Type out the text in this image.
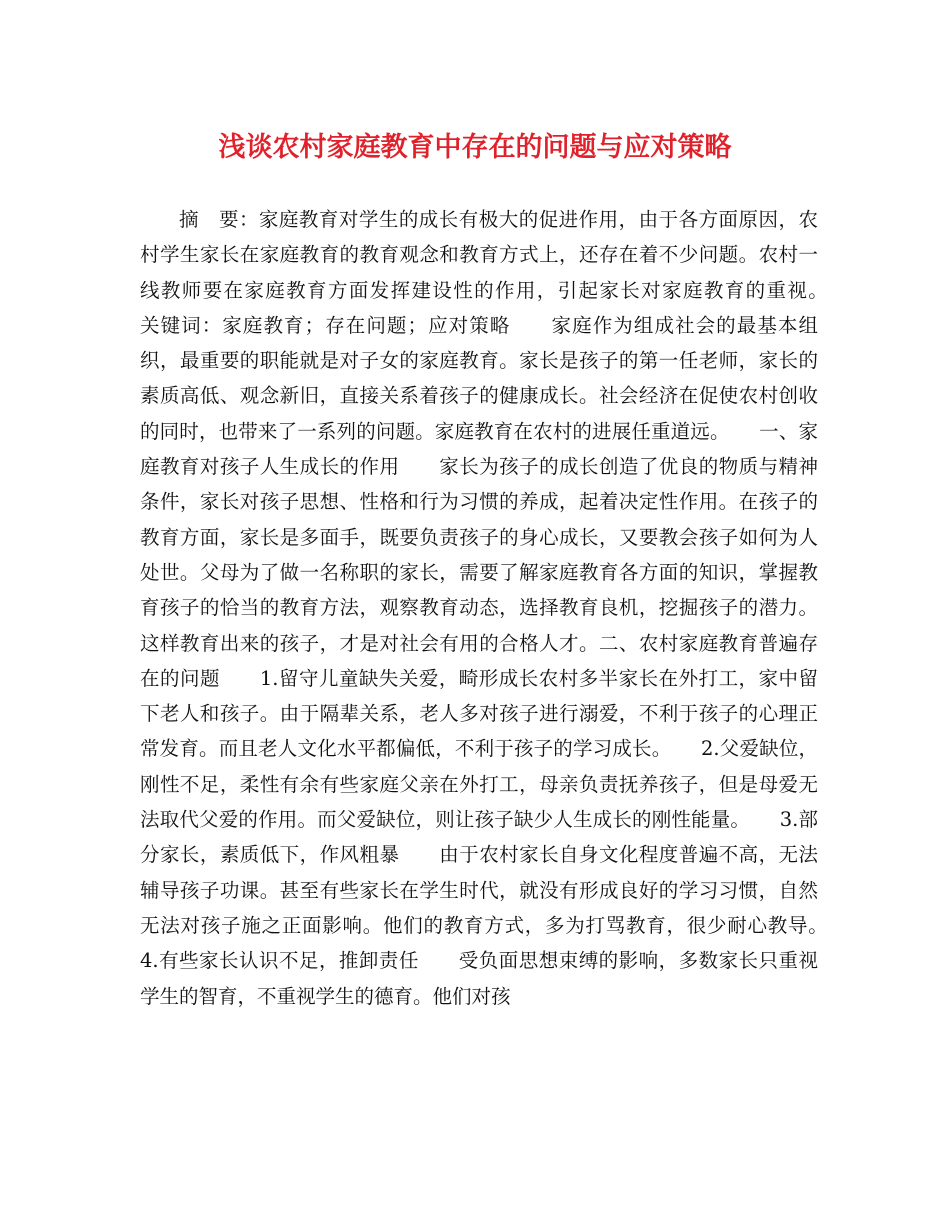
浅谈农村家庭教育中存在的问题与应对策略

摘　要：家庭教育对学生的成长有极大的促进作用，由于各方面原因，农村学生家长在家庭教育的教育观念和教育方式上，还存在着不少问题。农村一线教师要在家庭教育方面发挥建设性的作用，引起家长对家庭教育的重视。　　　关键词：家庭教育；存在问题；应对策略　　家庭作为组成社会的最基本组织，最重要的职能就是对子女的家庭教育。家长是孩子的第一任老师，家长的素质高低、观念新旧，直接关系着孩子的健康成长。社会经济在促使农村创收的同时，也带来了一系列的问题。家庭教育在农村的进展任重道远。　　一、家庭教育对孩子人生成长的作用　　家长为孩子的成长创造了优良的物质与精神条件，家长对孩子思想、性格和行为习惯的养成，起着决定性作用。在孩子的教育方面，家长是多面手，既要负责孩子的身心成长，又要教会孩子如何为人处世。父母为了做一名称职的家长，需要了解家庭教育各方面的知识，掌握教育孩子的恰当的教育方法，观察教育动态，选择教育良机，挖掘孩子的潜力。这样教育出来的孩子，才是对社会有用的合格人才。二、农村家庭教育普遍存在的问题　　1.留守儿童缺失关爱，畸形成长农村多半家长在外打工，家中留下老人和孩子。由于隔辈关系，老人多对孩子进行溺爱，不利于孩子的心理正常发育。而且老人文化水平都偏低，不利于孩子的学习成长。　　2.父爱缺位，刚性不足，柔性有余有些家庭父亲在外打工，母亲负责抚养孩子，但是母爱无法取代父爱的作用。而父爱缺位，则让孩子缺少人生成长的刚性能量。　　3.部分家长，素质低下，作风粗暴　　由于农村家长自身文化程度普遍不高，无法辅导孩子功课。甚至有些家长在学生时代，就没有形成良好的学习习惯，自然无法对孩子施之正面影响。他们的教育方式，多为打骂教育，很少耐心教导。　　4.有些家长认识不足，推卸责任　　受负面思想束缚的影响，多数家长只重视学生的智育，不重视学生的德育。他们对孩
